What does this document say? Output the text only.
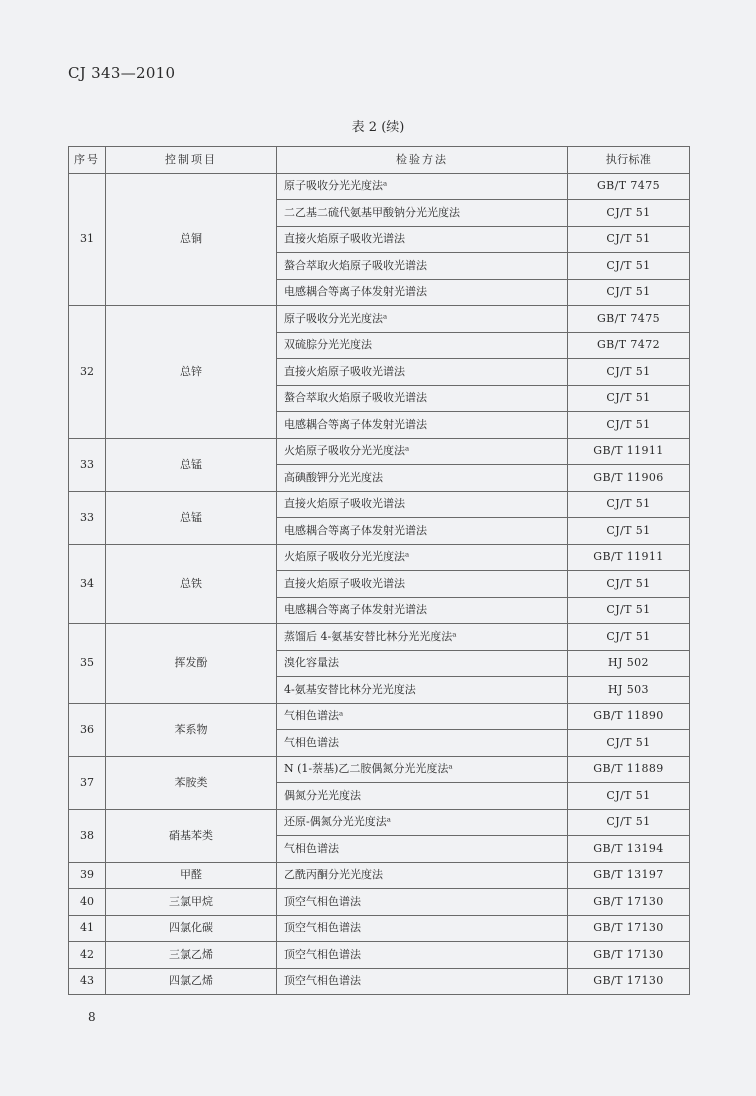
CJ 343—2010
表 2 (续)
序号	控制项目	检验方法	执行标准
31	总铜	原子吸收分光光度法ᵃ	GB/T 7475
		二乙基二硫代氨基甲酸钠分光光度法	CJ/T 51
		直接火焰原子吸收光谱法	CJ/T 51
		螯合萃取火焰原子吸收光谱法	CJ/T 51
		电感耦合等离子体发射光谱法	CJ/T 51
32	总锌	原子吸收分光光度法ᵃ	GB/T 7475
		双硫腙分光光度法	GB/T 7472
		直接火焰原子吸收光谱法	CJ/T 51
		螯合萃取火焰原子吸收光谱法	CJ/T 51
		电感耦合等离子体发射光谱法	CJ/T 51
33	总锰	火焰原子吸收分光光度法ᵃ	GB/T 11911
		高碘酸钾分光光度法	GB/T 11906
33	总锰	直接火焰原子吸收光谱法	CJ/T 51
		电感耦合等离子体发射光谱法	CJ/T 51
34	总铁	火焰原子吸收分光光度法ᵃ	GB/T 11911
		直接火焰原子吸收光谱法	CJ/T 51
		电感耦合等离子体发射光谱法	CJ/T 51
35	挥发酚	蒸馏后 4-氨基安替比林分光光度法ᵃ	CJ/T 51
		溴化容量法	HJ 502
		4-氨基安替比林分光光度法	HJ 503
36	苯系物	气相色谱法ᵃ	GB/T 11890
		气相色谱法	CJ/T 51
37	苯胺类	N (1-萘基)乙二胺偶氮分光光度法ᵃ	GB/T 11889
		偶氮分光光度法	CJ/T 51
38	硝基苯类	还原-偶氮分光光度法ᵃ	CJ/T 51
		气相色谱法	GB/T 13194
39	甲醛	乙酰丙酮分光光度法	GB/T 13197
40	三氯甲烷	顶空气相色谱法	GB/T 17130
41	四氯化碳	顶空气相色谱法	GB/T 17130
42	三氯乙烯	顶空气相色谱法	GB/T 17130
43	四氯乙烯	顶空气相色谱法	GB/T 17130
8
